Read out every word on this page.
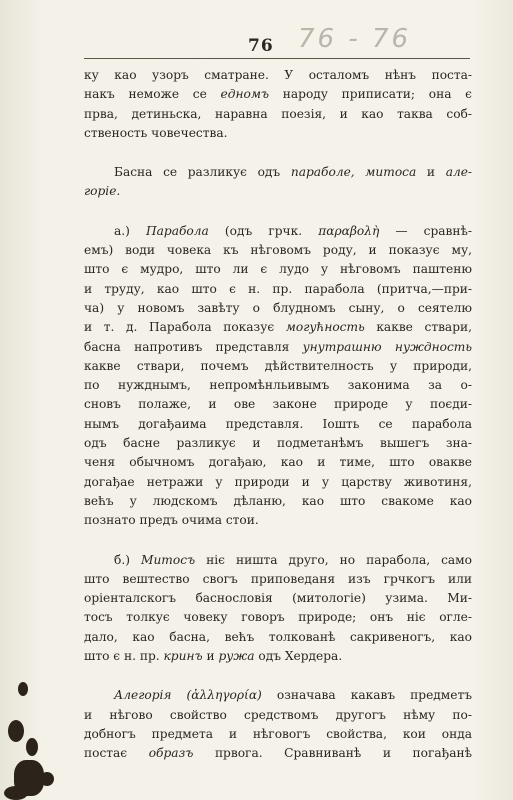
76 - 76
76
ку као узоръ сматране. У осталомъ нѣнъ поста-
накъ неможе се едномъ народу приписати; она є
прва, детиньска, наравна поезія, и као таква соб-
ственость човечества.
Басна се разликує одъ параболе, митоса и але-
горіе.
а.) Парабола (одъ грчк. παραβολὴ — сравнѣ-
емъ) води човека къ нѣговомъ роду, и показує му,
што є мудро, што ли є лудо у нѣговомъ паштеню
и труду, као што є н. пр. парабола (притча,—при-
ча) у новомъ завѣту о блудномъ сыну, о сеятелю
и т. д. Парабола показує могућность какве ствари,
басна напротивъ представля унутрашню нуждность
какве ствари, почемъ дѣйствителность у природи,
по нужднымъ, непромѣнльивымъ законима за о-
сновъ полаже, и ове законе природе у поєди-
нымъ догађаима представля. Іошть се парабола
одъ басне разликує и подметанѣмъ вышегъ зна-
ченя обычномъ догађаю, као и тиме, што овакве
догађае нетражи у природи и у царству животиня,
већъ у людскомъ дѣланю, као што свакоме као
познато предъ очима стои.
б.) Митосъ ніє ништа друго, но парабола, само
што вештество свогъ приповеданя изъ грчкогъ или
оріенталскогъ баснословія (митологіе) узима. Ми-
тосъ толкує човеку говоръ природе; онъ ніє огле-
дало, као басна, већъ толкованѣ сакривеногъ, као
што є н. пр. кринъ и ружа одъ Хердера.
Алегорія (ἀλληγορία) означава какавъ предметъ
и нѣгово свойство средствомъ другогъ нѣму по-
добногъ предмета и нѣговогъ свойства, кои онда
постає образъ првога. Сравниванѣ и погађанѣ
